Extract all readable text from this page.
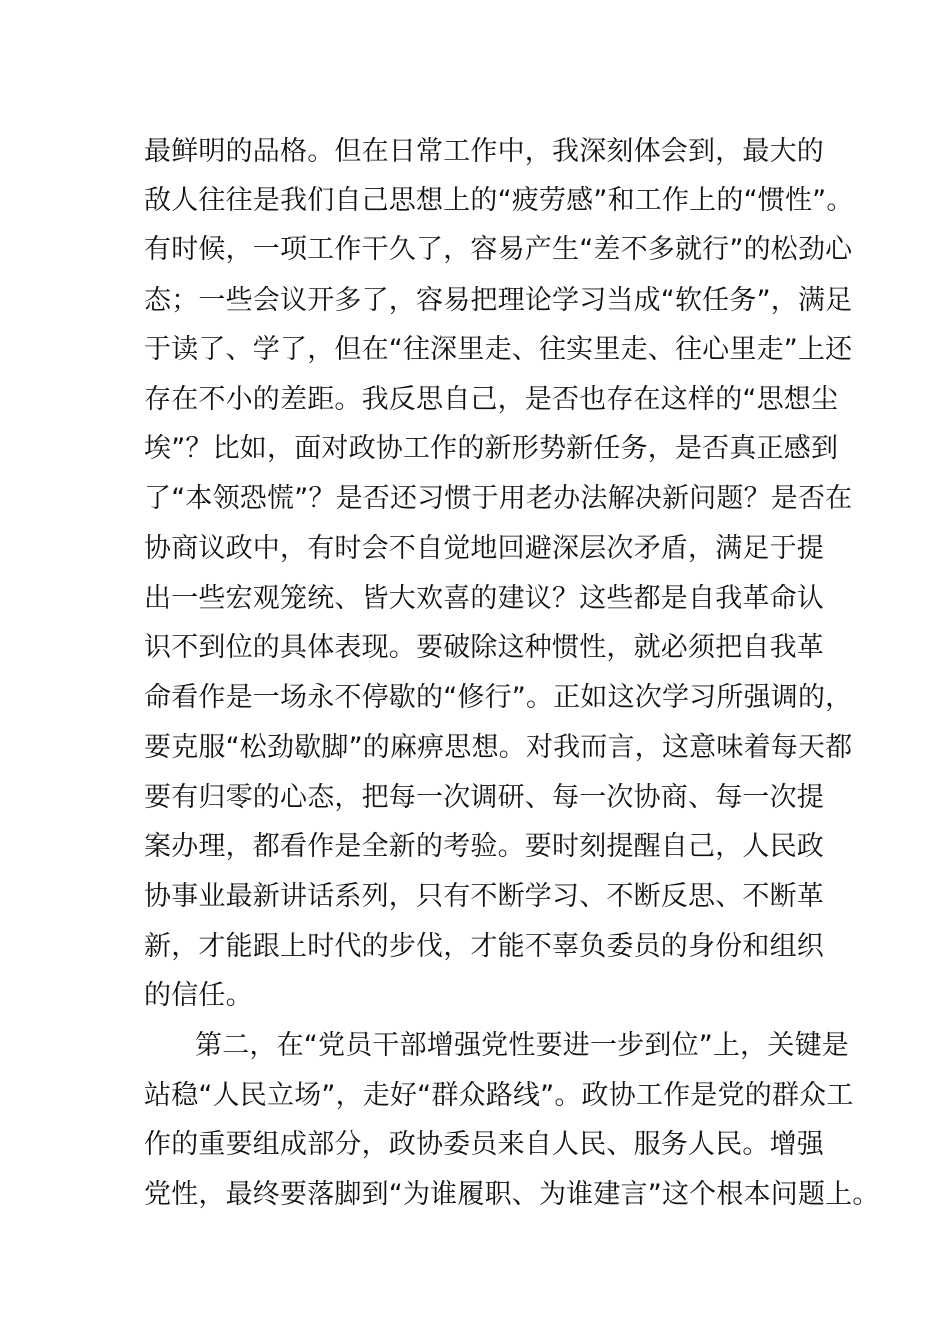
最鲜明的品格。但在日常工作中，我深刻体会到，最大的
敌人往往是我们自己思想上的“疲劳感”和工作上的“惯性”。
有时候，一项工作干久了，容易产生“差不多就行”的松劲心
态；一些会议开多了，容易把理论学习当成“软任务”，满足
于读了、学了，但在“往深里走、往实里走、往心里走”上还
存在不小的差距。我反思自己，是否也存在这样的“思想尘
埃”？比如，面对政协工作的新形势新任务，是否真正感到
了“本领恐慌”？是否还习惯于用老办法解决新问题？是否在
协商议政中，有时会不自觉地回避深层次矛盾，满足于提
出一些宏观笼统、皆大欢喜的建议？这些都是自我革命认
识不到位的具体表现。要破除这种惯性，就必须把自我革
命看作是一场永不停歇的“修行”。正如这次学习所强调的，
要克服“松劲歇脚”的麻痹思想。对我而言，这意味着每天都
要有归零的心态，把每一次调研、每一次协商、每一次提
案办理，都看作是全新的考验。要时刻提醒自己，人民政
协事业最新讲话系列，只有不断学习、不断反思、不断革
新，才能跟上时代的步伐，才能不辜负委员的身份和组织
的信任。
第二，在“党员干部增强党性要进一步到位”上，关键是
站稳“人民立场”，走好“群众路线”。政协工作是党的群众工
作的重要组成部分，政协委员来自人民、服务人民。增强
党性，最终要落脚到“为谁履职、为谁建言”这个根本问题上。
